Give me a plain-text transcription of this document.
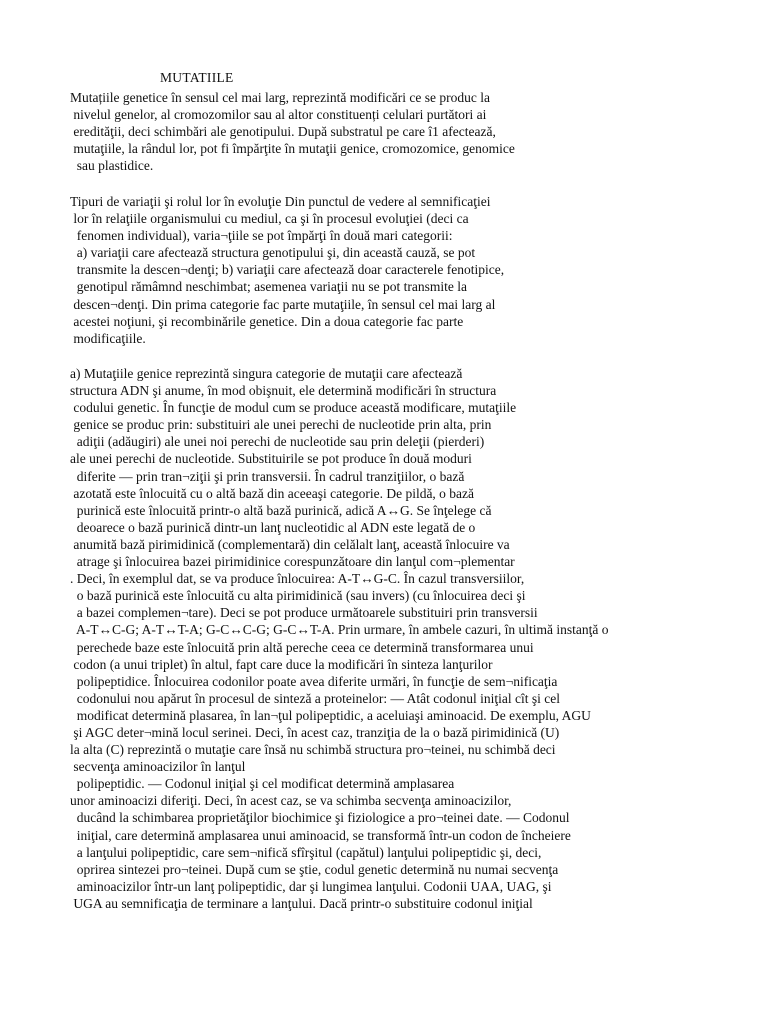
MUTATIILE
Mutațiile genetice în sensul cel mai larg, reprezintă modificări ce se produc la
nivelul genelor, al cromozomilor sau al altor constituenți celulari purtători ai
eredităţii, deci schimbări ale genotipului. După substratul pe care î1 afectează,
mutaţiile, la rândul lor, pot fi împărţite în mutaţii genice, cromozomice, genomice
sau plastidice.
Tipuri de variaţii şi rolul lor în evoluţie Din punctul de vedere al semnificaţiei
lor în relaţiile organismului cu mediul, ca şi în procesul evoluţiei (deci ca
fenomen individual), varia¬ţiile se pot împărţi în două mari categorii:
a) variaţii care afectează structura genotipului şi, din această cauză, se pot
transmite la descen¬denţi; b) variaţii care afectează doar caracterele fenotipice,
genotipul rămâmnd neschimbat; asemenea variaţii nu se pot transmite la
descen¬denţi. Din prima categorie fac parte mutaţiile, în sensul cel mai larg al
acestei noţiuni, şi recombinările genetice. Din a doua categorie fac parte
modificaţiile.
a) Mutaţiile genice reprezintă singura categorie de mutaţii care afectează
structura ADN şi anume, în mod obişnuit, ele determină modificări în structura
codului genetic. În funcţie de modul cum se produce această modificare, mutaţiile
genice se produc prin: substituiri ale unei perechi de nucleotide prin alta, prin
adiţii (adăugiri) ale unei noi perechi de nucleotide sau prin deleţii (pierderi)
ale unei perechi de nucleotide. Substituirile se pot produce în două moduri
diferite — prin tran¬ziţii şi prin transversii. În cadrul tranziţiilor, o bază
azotată este înlocuită cu o altă bază din aceeaşi categorie. De pildă, o bază
purinică este înlocuită printr-o altă bază purinică, adică A↔G. Se înţelege că
deoarece o bază purinică dintr-un lanţ nucleotidic al ADN este legată de o
anumită bază pirimidinică (complementară) din celălalt lanţ, această înlocuire va
atrage şi înlocuirea bazei pirimidinice corespunzătoare din lanţul com¬plementar
. Deci, în exemplul dat, se va produce înlocuirea: A-T↔G-C. În cazul transversiilor,
o bază purinică este înlocuită cu alta pirimidinică (sau invers) (cu înlocuirea deci şi
a bazei complemen¬tare). Deci se pot produce următoarele substituiri prin transversii
A-T↔C-G; A-T↔T-A; G-C↔C-G; G-C↔T-A. Prin urmare, în ambele cazuri, în ultimă instanţă o
perechede baze este înlocuită prin altă pereche ceea ce determină transformarea unui
codon (a unui triplet) în altul, fapt care duce la modificări în sinteza lanţurilor
polipeptidice. Înlocuirea codonilor poate avea diferite urmări, în funcţie de sem¬nificaţia
codonului nou apărut în procesul de sinteză a proteinelor: — Atât codonul iniţial cît şi cel
modificat determină plasarea, în lan¬ţul polipeptidic, a aceluiaşi aminoacid. De exemplu, AGU
şi AGC deter¬mină locul serinei. Deci, în acest caz, tranziţia de la o bază pirimidinică (U)
la alta (C) reprezintă o mutaţie care însă nu schimbă structura pro¬teinei, nu schimbă deci
secvenţa aminoacizilor în lanţul
polipeptidic. — Codonul iniţial şi cel modificat determină amplasarea
unor aminoacizi diferiţi. Deci, în acest caz, se va schimba secvenţa aminoacizilor,
ducând la schimbarea proprietăţilor biochimice şi fiziologice a pro¬teinei date. — Codonul
iniţial, care determină amplasarea unui aminoacid, se transformă într-un codon de încheiere
a lanţului polipeptidic, care sem¬nifică sfîrşitul (capătul) lanţului polipeptidic şi, deci,
oprirea sintezei pro¬teinei. După cum se ştie, codul genetic determină nu numai secvenţa
aminoacizilor într-un lanţ polipeptidic, dar şi lungimea lanţului. Codonii UAA, UAG, şi
UGA au semnificaţia de terminare a lanţului. Dacă printr-o substituire codonul iniţial
